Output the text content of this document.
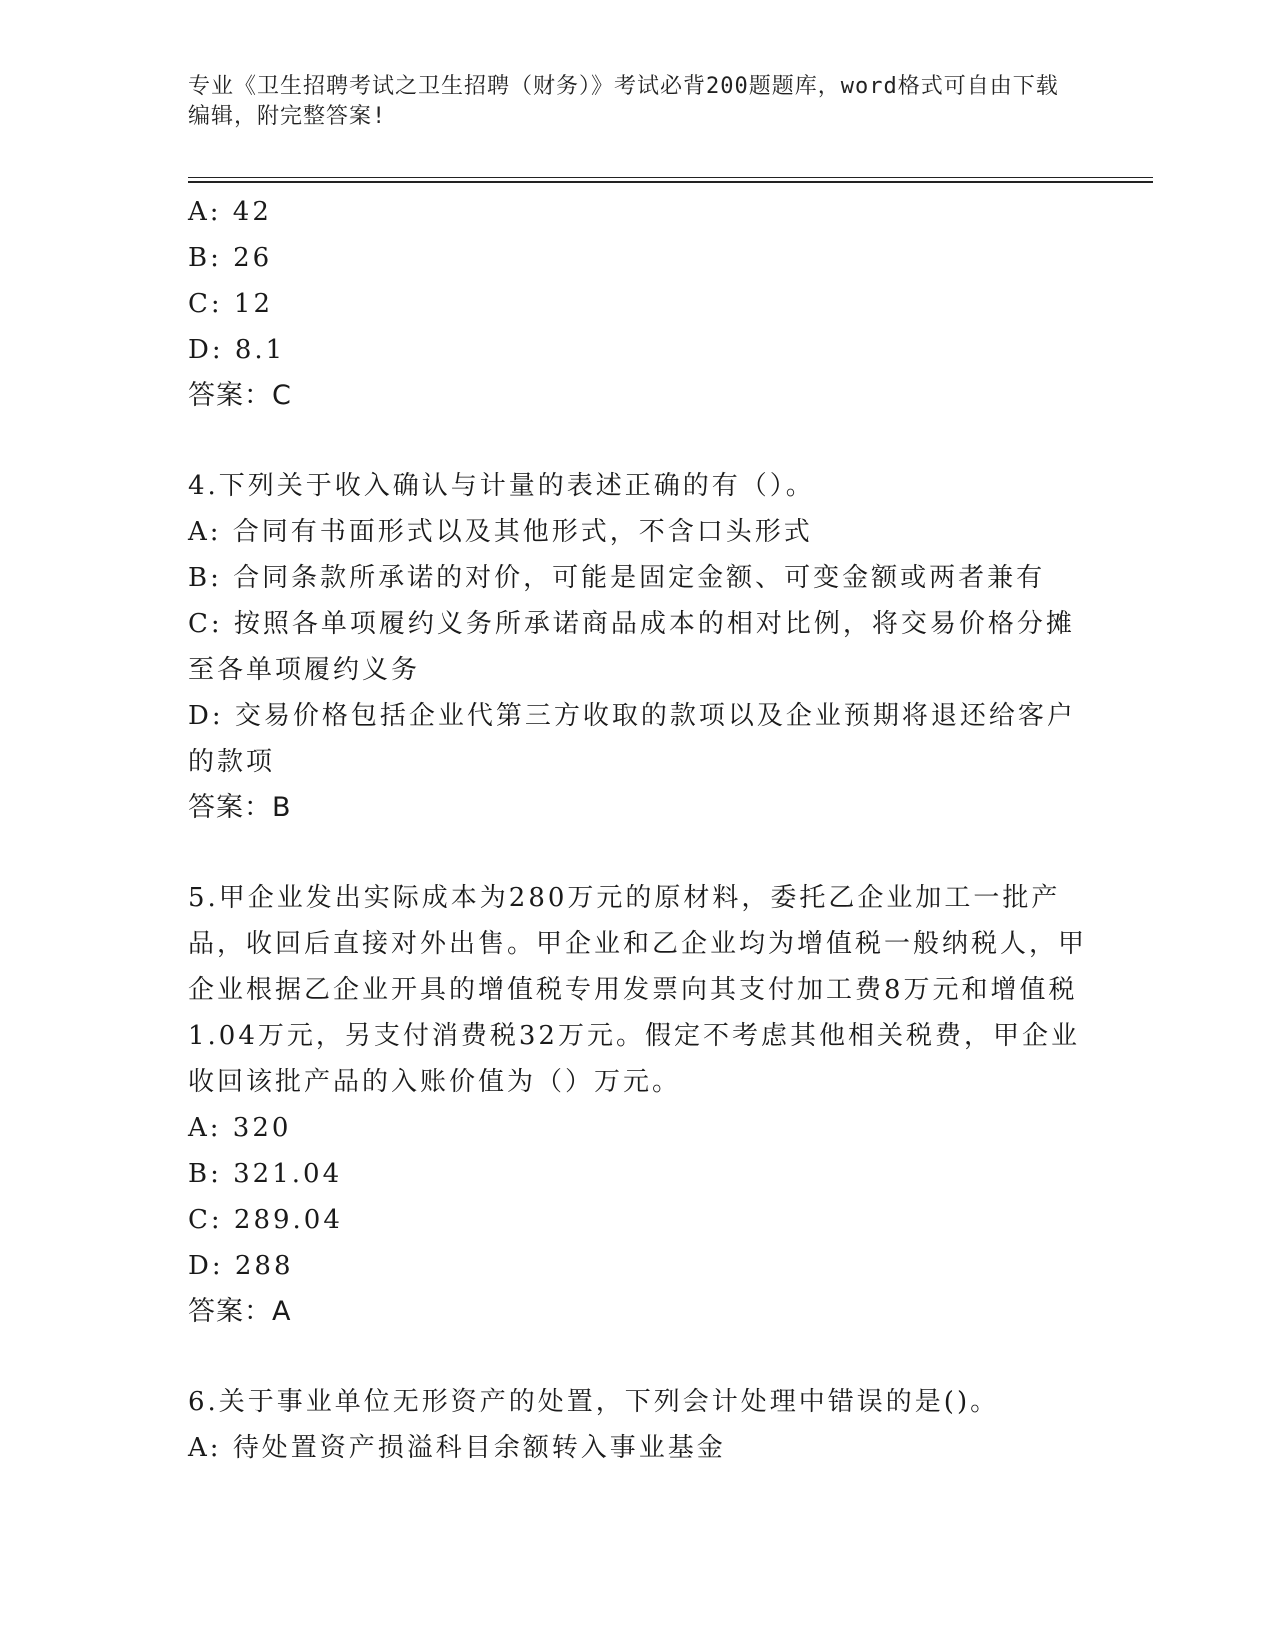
专业《卫生招聘考试之卫生招聘（财务）》考试必背200题题库，word格式可自由下载编辑，附完整答案!
A: 42
B: 26
C: 12
D: 8.1
答案：C
4.下列关于收入确认与计量的表述正确的有（）。
A: 合同有书面形式以及其他形式，不含口头形式
B: 合同条款所承诺的对价，可能是固定金额、可变金额或两者兼有
C: 按照各单项履约义务所承诺商品成本的相对比例，将交易价格分摊至各单项履约义务
D: 交易价格包括企业代第三方收取的款项以及企业预期将退还给客户的款项
答案：B
5.甲企业发出实际成本为280万元的原材料，委托乙企业加工一批产品，收回后直接对外出售。甲企业和乙企业均为增值税一般纳税人，甲企业根据乙企业开具的增值税专用发票向其支付加工费8万元和增值税1.04万元，另支付消费税32万元。假定不考虑其他相关税费，甲企业收回该批产品的入账价值为（）万元。
A: 320
B: 321.04
C: 289.04
D: 288
答案：A
6.关于事业单位无形资产的处置，下列会计处理中错误的是()。
A: 待处置资产损溢科目余额转入事业基金
